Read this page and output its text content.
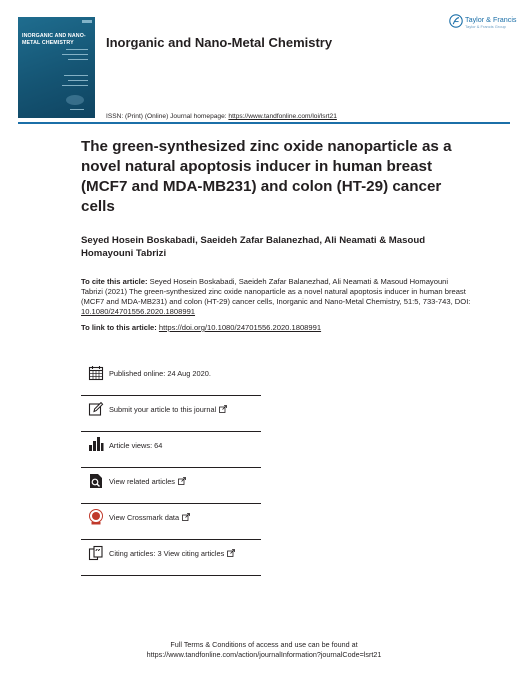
INORGANIC AND NANO-METAL CHEMISTRY	Inorganic and Nano-Metal Chemistry
Taylor & Francis
Taylor & Francis Group
ISSN: (Print) (Online) Journal homepage: https://www.tandfonline.com/loi/lsrt21
The green-synthesized zinc oxide nanoparticle as a novel natural apoptosis inducer in human breast (MCF7 and MDA-MB231) and colon (HT-29) cancer cells
Seyed Hosein Boskabadi, Saeideh Zafar Balanezhad, Ali Neamati & Masoud Homayouni Tabrizi
To cite this article: Seyed Hosein Boskabadi, Saeideh Zafar Balanezhad, Ali Neamati & Masoud Homayouni Tabrizi (2021) The green-synthesized zinc oxide nanoparticle as a novel natural apoptosis inducer in human breast (MCF7 and MDA-MB231) and colon (HT-29) cancer cells, Inorganic and Nano-Metal Chemistry, 51:5, 733-743, DOI: 10.1080/24701556.2020.1808991
To link to this article: https://doi.org/10.1080/24701556.2020.1808991
Published online: 24 Aug 2020.
Submit your article to this journal
Article views: 64
View related articles
View Crossmark data
Citing articles: 3 View citing articles
Full Terms & Conditions of access and use can be found at
https://www.tandfonline.com/action/journalInformation?journalCode=lsrt21
